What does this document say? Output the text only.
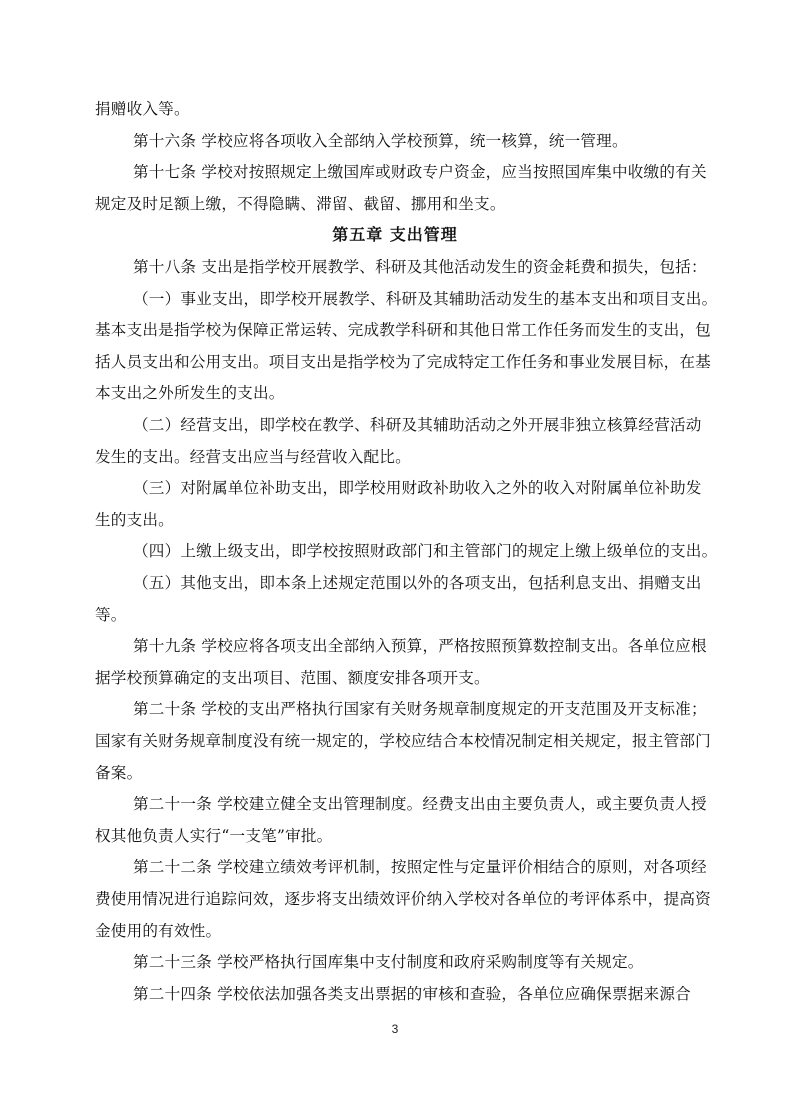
捐赠收入等。
第十六条 学校应将各项收入全部纳入学校预算，统一核算，统一管理。
第十七条 学校对按照规定上缴国库或财政专户资金，应当按照国库集中收缴的有关
规定及时足额上缴，不得隐瞒、滞留、截留、挪用和坐支。
第五章 支出管理
第十八条 支出是指学校开展教学、科研及其他活动发生的资金耗费和损失，包括：
（一）事业支出，即学校开展教学、科研及其辅助活动发生的基本支出和项目支出。
基本支出是指学校为保障正常运转、完成教学科研和其他日常工作任务而发生的支出，包
括人员支出和公用支出。项目支出是指学校为了完成特定工作任务和事业发展目标，在基
本支出之外所发生的支出。
（二）经营支出，即学校在教学、科研及其辅助活动之外开展非独立核算经营活动
发生的支出。经营支出应当与经营收入配比。
（三）对附属单位补助支出，即学校用财政补助收入之外的收入对附属单位补助发
生的支出。
（四）上缴上级支出，即学校按照财政部门和主管部门的规定上缴上级单位的支出。
（五）其他支出，即本条上述规定范围以外的各项支出，包括利息支出、捐赠支出
等。
第十九条 学校应将各项支出全部纳入预算，严格按照预算数控制支出。各单位应根
据学校预算确定的支出项目、范围、额度安排各项开支。
第二十条 学校的支出严格执行国家有关财务规章制度规定的开支范围及开支标准；
国家有关财务规章制度没有统一规定的，学校应结合本校情况制定相关规定，报主管部门
备案。
第二十一条 学校建立健全支出管理制度。经费支出由主要负责人，或主要负责人授
权其他负责人实行“一支笔”审批。
第二十二条 学校建立绩效考评机制，按照定性与定量评价相结合的原则，对各项经
费使用情况进行追踪问效，逐步将支出绩效评价纳入学校对各单位的考评体系中，提高资
金使用的有效性。
第二十三条 学校严格执行国库集中支付制度和政府采购制度等有关规定。
第二十四条 学校依法加强各类支出票据的审核和查验，各单位应确保票据来源合
3
